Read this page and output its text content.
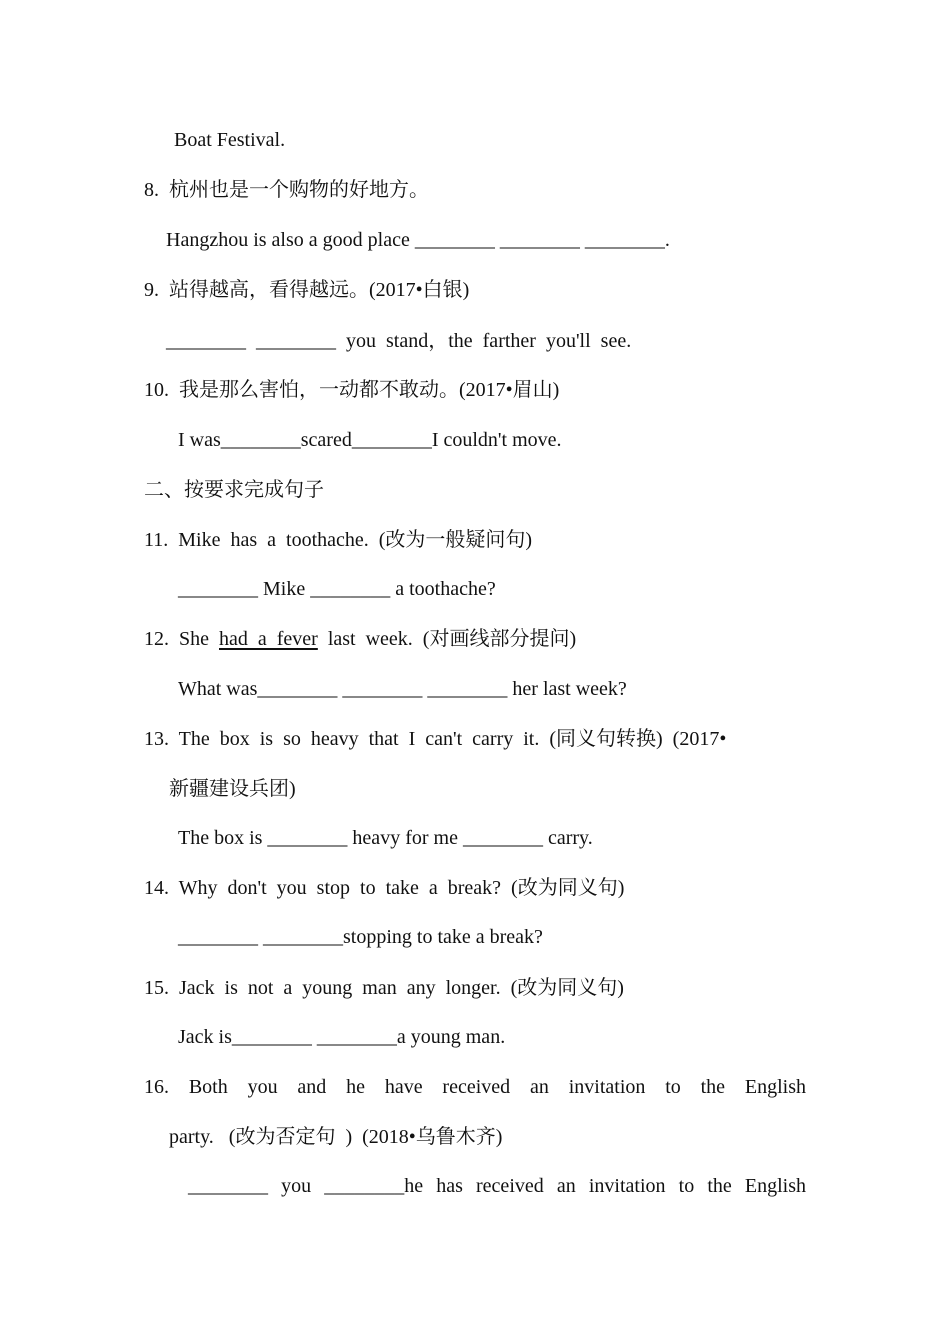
Boat Festival.

8.  杭州也是一个购物的好地方。

Hangzhou is also a good place ________ ________ ________.

9.  站得越高，看得越远。(2017•白银)

________  ________  you  stand，the  farther  you'll  see.

10.  我是那么害怕，一动都不敢动。(2017•眉山)

I was________scared________I couldn't move.

二、按要求完成句子

11.  Mike  has  a  toothache.  (改为一般疑问句)

________ Mike ________ a toothache?

12.  She  had  a  fever  last  week.  (对画线部分提问)

What was________ ________ ________ her last week?

13.  The  box  is  so  heavy  that  I  can't  carry  it.  (同义句转换)  (2017•

新疆建设兵团)

The box is ________ heavy for me ________ carry.

14.  Why  don't  you  stop  to  take  a  break?  (改为同义句)

________ ________stopping to take a break?

15.  Jack  is  not  a  young  man  any  longer.  (改为同义句)

Jack is________ ________a young man.

16. Both you and he have received an invitation to the English

party.   (改为否定句  )  (2018•乌鲁木齐)

________ you ________he has received an invitation to the English
